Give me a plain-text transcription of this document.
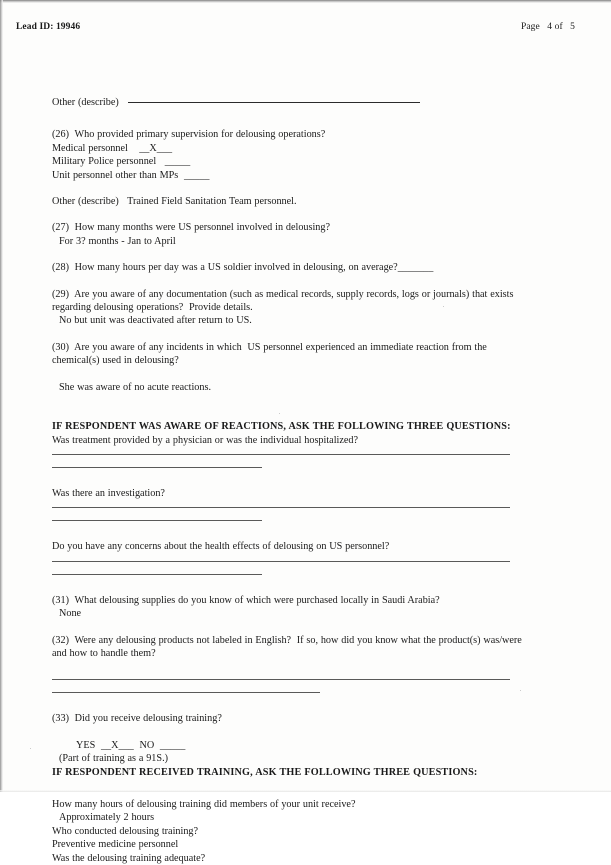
Lead ID: 19946	Page   4 of   5
Other (describe)
(26)  Who provided primary supervision for delousing operations?
Medical personnel    __X___
Military Police personnel   _____
Unit personnel other than MPs  _____
Other (describe)   Trained Field Sanitation Team personnel.
(27)  How many months were US personnel involved in delousing?
For 3? months - Jan to April
(28)  How many hours per day was a US soldier involved in delousing, on average?_______
(29)  Are you aware of any documentation (such as medical records, supply records, logs or journals) that exists
regarding delousing operations?  Provide details.
No but unit was deactivated after return to US.
(30)  Are you aware of any incidents in which  US personnel experienced an immediate reaction from the
chemical(s) used in delousing?
She was aware of no acute reactions.
IF RESPONDENT WAS AWARE OF REACTIONS, ASK THE FOLLOWING THREE QUESTIONS:
Was treatment provided by a physician or was the individual hospitalized?
Was there an investigation?
Do you have any concerns about the health effects of delousing on US personnel?
(31)  What delousing supplies do you know of which were purchased locally in Saudi Arabia?
None
(32)  Were any delousing products not labeled in English?  If so, how did you know what the product(s) was/were
and how to handle them?
(33)  Did you receive delousing training?
YES  __X___  NO  _____
(Part of training as a 91S.)
IF RESPONDENT RECEIVED TRAINING, ASK THE FOLLOWING THREE QUESTIONS:
How many hours of delousing training did members of your unit receive?
Approximately 2 hours
Who conducted delousing training?
Preventive medicine personnel
Was the delousing training adequate?
